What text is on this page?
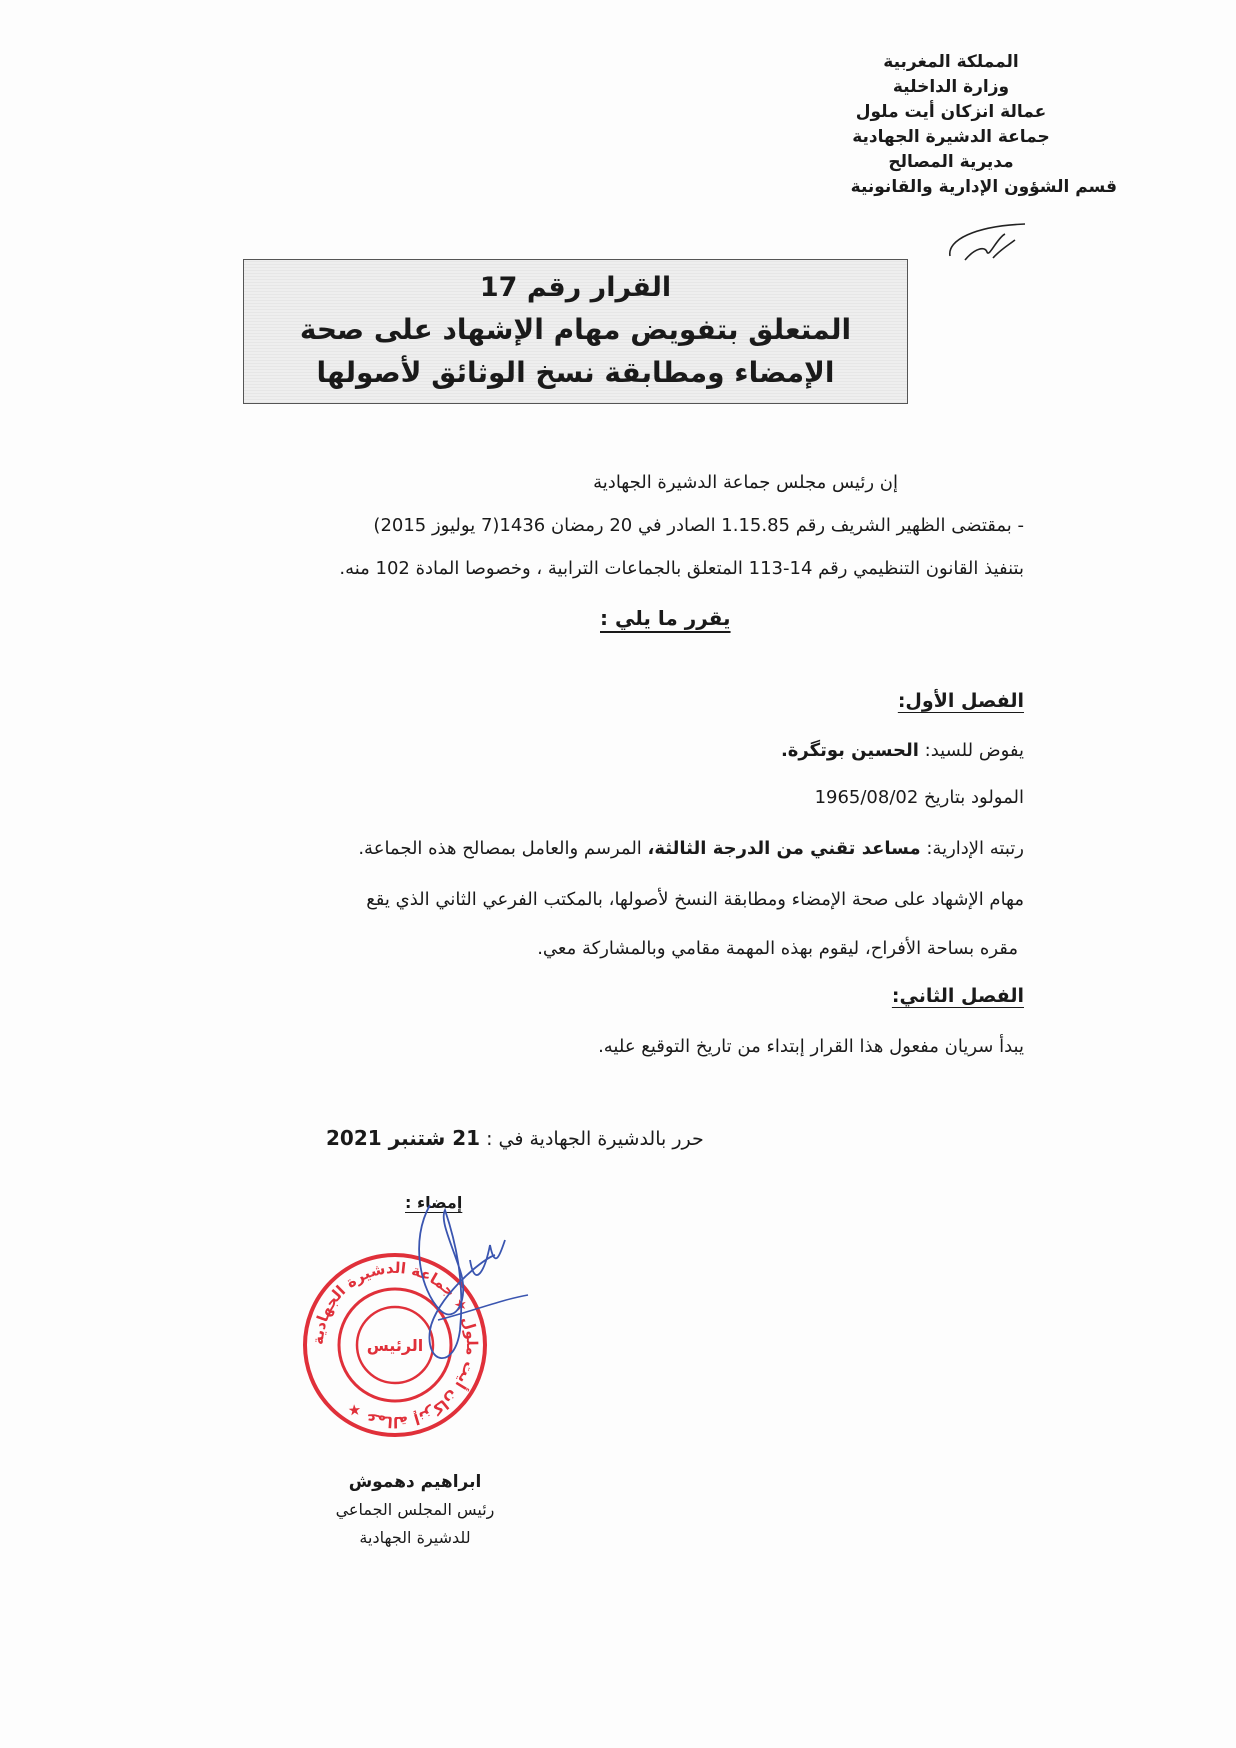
المملكة المغربية
وزارة الداخلية
عمالة انزكان أيت ملول
جماعة الدشيرة الجهادية
مديرية المصالح
قسم الشؤون الإدارية والقانونية
القرار رقم 17
المتعلق بتفويض مهام الإشهاد على صحة
الإمضاء ومطابقة نسخ الوثائق لأصولها
إن رئيس مجلس جماعة الدشيرة الجهادية
- بمقتضى الظهير الشريف رقم 1.15.85 الصادر في 20 رمضان 1436(7 يوليوز 2015)
بتنفيذ القانون التنظيمي رقم 14-113 المتعلق بالجماعات الترابية ، وخصوصا المادة 102 منه.
يقرر ما يلي :
الفصل الأول:
يفوض للسيد: الحسين بوتگرة.
المولود بتاريخ 1965/08/02
رتبته الإدارية: مساعد تقني من الدرجة الثالثة، المرسم والعامل بمصالح هذه الجماعة.
مهام الإشهاد على صحة الإمضاء ومطابقة النسخ لأصولها، بالمكتب الفرعي الثاني الذي يقع
مقره بساحة الأفراح، ليقوم بهذه المهمة مقامي وبالمشاركة معي.
الفصل الثاني:
يبدأ سريان مفعول هذا القرار إبتداء من تاريخ التوقيع عليه.
حرر بالدشيرة الجهادية في : 21 شتنبر 2021
إمضاء :
عمالة إنزكان أيت ملول ★ جماعة الدشيرة الجهادية ★
الرئيس
ابراهيم دهموش
رئيس المجلس الجماعي
للدشيرة الجهادية
